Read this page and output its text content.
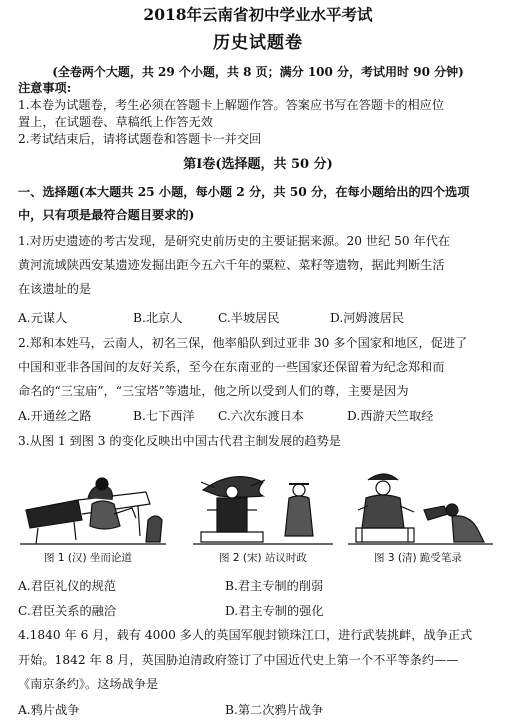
2018年云南省初中学业水平考试
历史试题卷
(全卷两个大题，共 29 个小题，共 8 页；满分 100 分，考试用时 90 分钟)
注意事项:
1.本卷为试题卷，考生必须在答题卡上解题作答。答案应书写在答题卡的相应位
置上，在试题卷、草稿纸上作答无效
2.考试结束后，请将试题卷和答题卡一并交回
第Ⅰ卷(选择题，共 50 分)
一、选择题(本大题共 25 小题，每小题 2 分，共 50 分，在每小题给出的四个选项
中，只有项是最符合题目要求的)
1.对历史遗迹的考古发现，是研究史前历史的主要证据来源。20 世纪 50 年代在
黄河流域陕西安某遗迹发掘出距今五六千年的粟粒、菜籽等遗物，据此判断生活
在该遗址的是
A.元谋人	B.北京人	C.半坡居民	D.河姆渡居民
2.郑和本姓马，云南人，初名三保，他率船队到过亚非 30 多个国家和地区，促进了
中国和亚非各国间的友好关系，至今在东南亚的一些国家还保留着为纪念郑和而
命名的“三宝庙”，“三宝塔”等遗址，他之所以受到人们的尊，主要是因为
A.开通丝之路	B.七下西洋 C.六次东渡日本	D.西游天竺取经
3.从图 1 到图 3 的变化反映出中国古代君主制发展的趋势是
图 1 (汉) 坐而论道	图 2 (宋) 站议时政	图 3 (清) 跪受笔录
A.君臣礼仪的规范	B.君主专制的削弱
C.君臣关系的融洽	D.君主专制的强化
4.1840 年 6 月，载有 4000 多人的英国军舰封锁珠江口，进行武装挑衅，战争正式
开始。1842 年 8 月，英国胁迫清政府签订了中国近代史上第一个不平等条约——
《南京条约》。这场战争是
A.鸦片战争	B.第二次鸦片战争
